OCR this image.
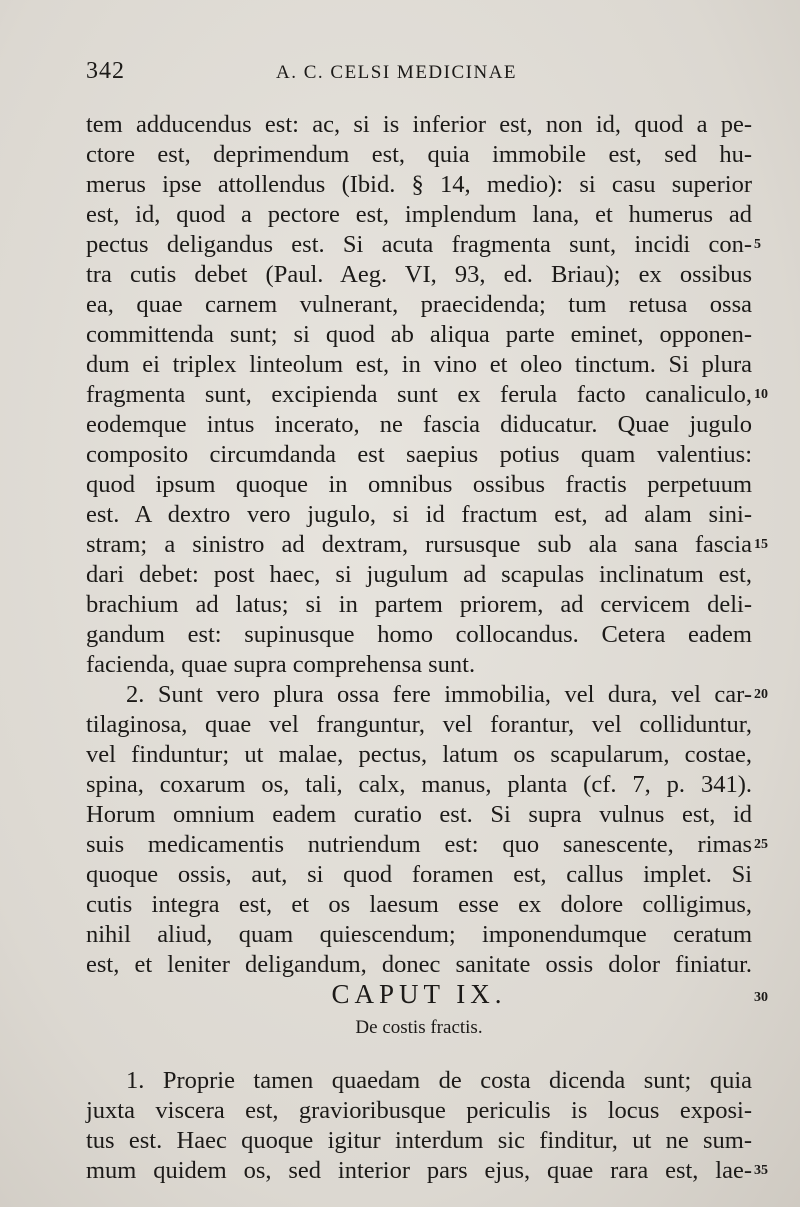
342	A. C. CELSI MEDICINAE
tem adducendus est: ac, si is inferior est, non id, quod a pe-
ctore est, deprimendum est, quia immobile est, sed hu-
merus ipse attollendus (Ibid. § 14, medio): si casu superior
est, id, quod a pectore est, implendum lana, et humerus ad
pectus deligandus est. Si acuta fragmenta sunt, incidi con-
tra cutis debet (Paul. Aeg. VI, 93, ed. Briau); ex ossibus
ea, quae carnem vulnerant, praecidenda; tum retusa ossa
committenda sunt; si quod ab aliqua parte eminet, opponen-
dum ei triplex linteolum est, in vino et oleo tinctum. Si plura
fragmenta sunt, excipienda sunt ex ferula facto canaliculo,
eodemque intus incerato, ne fascia diducatur. Quae jugulo
composito circumdanda est saepius potius quam valentius:
quod ipsum quoque in omnibus ossibus fractis perpetuum
est. A dextro vero jugulo, si id fractum est, ad alam sini-
stram; a sinistro ad dextram, rursusque sub ala sana fascia
dari debet: post haec, si jugulum ad scapulas inclinatum est,
brachium ad latus; si in partem priorem, ad cervicem deli-
gandum est: supinusque homo collocandus. Cetera eadem
facienda, quae supra comprehensa sunt.
2. Sunt vero plura ossa fere immobilia, vel dura, vel car-
tilaginosa, quae vel franguntur, vel forantur, vel colliduntur,
vel finduntur; ut malae, pectus, latum os scapularum, costae,
spina, coxarum os, tali, calx, manus, planta (cf. 7, p. 341).
Horum omnium eadem curatio est. Si supra vulnus est, id
suis medicamentis nutriendum est: quo sanescente, rimas
quoque ossis, aut, si quod foramen est, callus implet. Si
cutis integra est, et os laesum esse ex dolore colligimus,
nihil aliud, quam quiescendum; imponendumque ceratum
est, et leniter deligandum, donec sanitate ossis dolor finiatur.
CAPUT IX.
De costis fractis.
1. Proprie tamen quaedam de costa dicenda sunt; quia
juxta viscera est, gravioribusque periculis is locus exposi-
tus est. Haec quoque igitur interdum sic finditur, ut ne sum-
mum quidem os, sed interior pars ejus, quae rara est, lae-
5
10
15
20
25
30
35
